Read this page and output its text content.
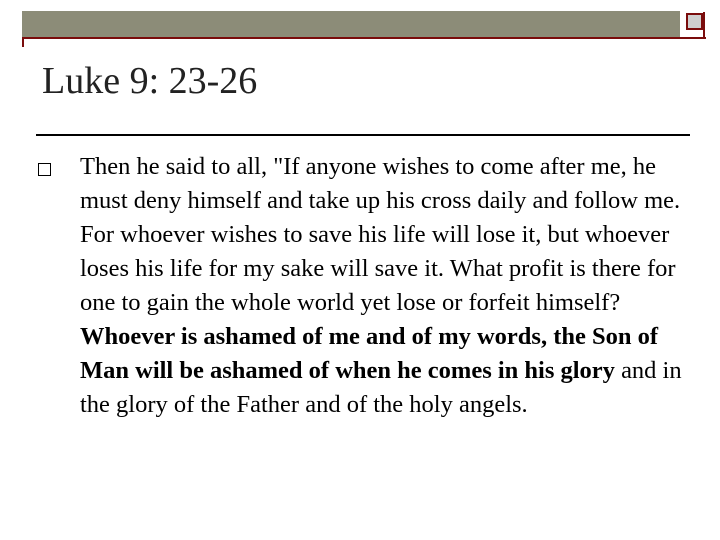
Luke 9: 23-26
Then he said to all, "If anyone wishes to come after me, he must deny himself and take up his cross daily and follow me. For whoever wishes to save his life will lose it, but whoever loses his life for my sake will save it. What profit is there for one to gain the whole world yet lose or forfeit himself? Whoever is ashamed of me and of my words, the Son of Man will be ashamed of when he comes in his glory and in the glory of the Father and of the holy angels.
